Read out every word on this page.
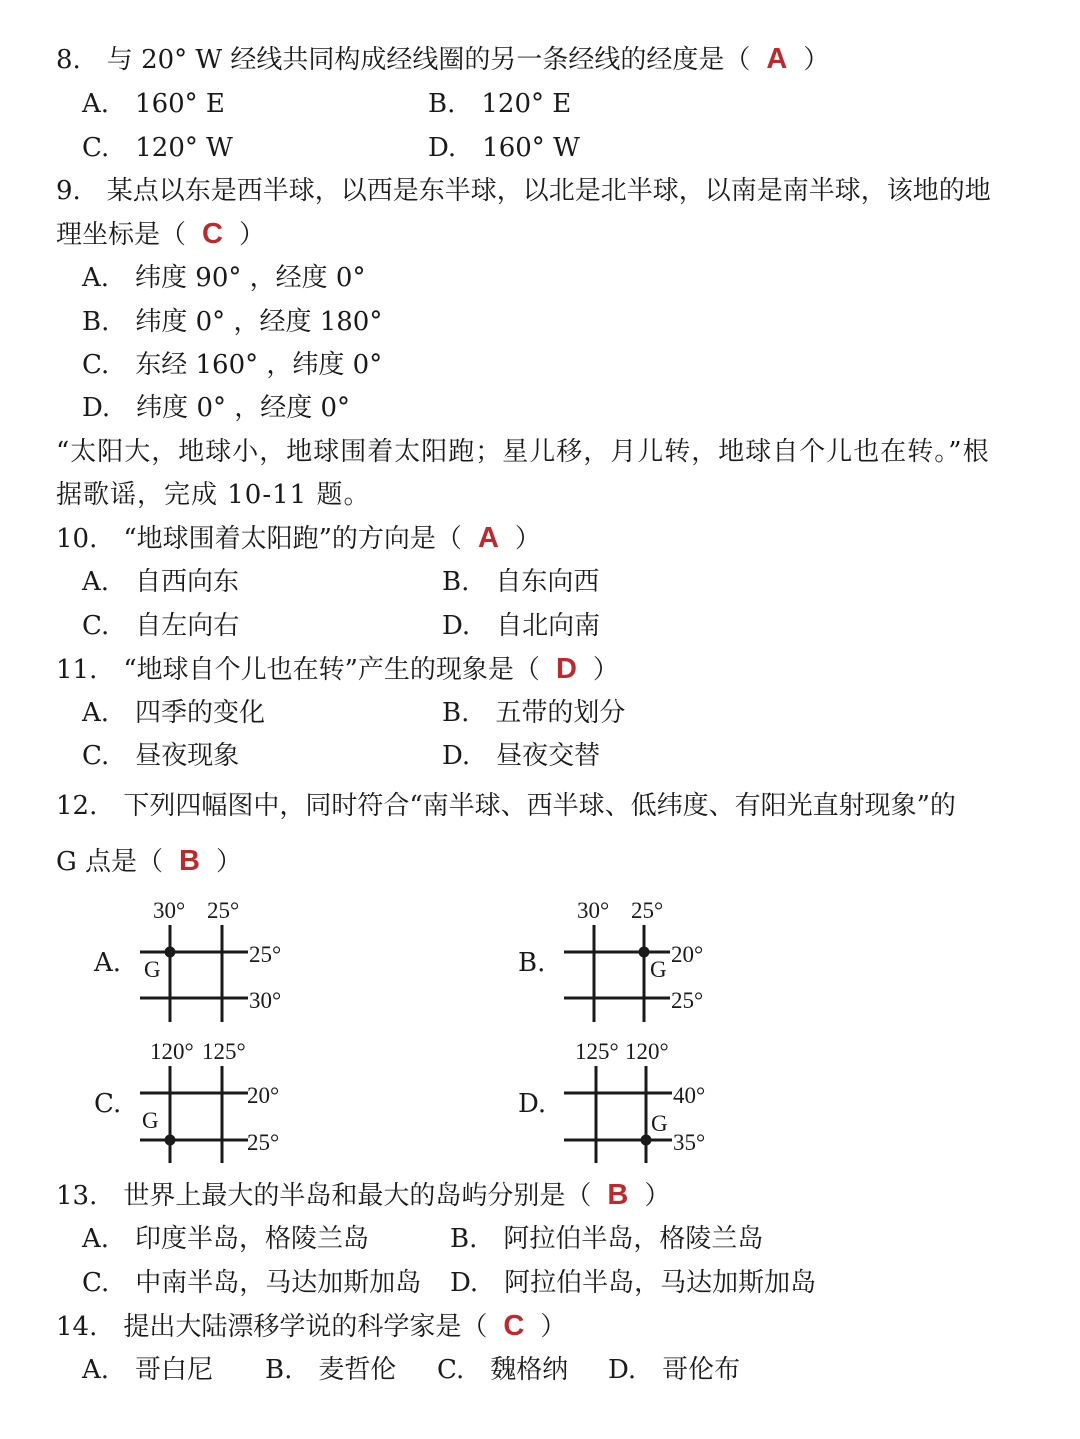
8.　与 20° W 经线共同构成经线圈的另一条经线的经度是（ A ）
A.　160° E	B.　120° E
C.　120° W	D.　160° W
9.　某点以东是西半球，以西是东半球，以北是北半球，以南是南半球，该地的地
理坐标是（ C ）
A.　纬度 90° ，经度 0°
B.　纬度 0° ，经度 180°
C.　东经 160° ，纬度 0°
D.　纬度 0° ，经度 0°
“太阳大，地球小，地球围着太阳跑；星儿移，月儿转，地球自个儿也在转。”根
据歌谣，完成 10-11 题。
10.　“地球围着太阳跑”的方向是（ A ）
A.　自西向东	B.　自东向西
C.　自左向右	D.　自北向南
11.　“地球自个儿也在转”产生的现象是（ D ）
A.　四季的变化	B.　五带的划分
C.　昼夜现象	D.　昼夜交替
12.　下列四幅图中，同时符合“南半球、西半球、低纬度、有阳光直射现象”的
G 点是（ B ）
A.
30° 25°
25°
30°
G	B.
30° 25°
20°
25°
G
C.
120° 125°
20°
25°
G
D.
125° 120°
40°
35°
G
13.　世界上最大的半岛和最大的岛屿分别是（ B ）
A.　印度半岛，格陵兰岛	B.　阿拉伯半岛，格陵兰岛
C.　中南半岛，马达加斯加岛 D.　阿拉伯半岛，马达加斯加岛
14.　提出大陆漂移学说的科学家是（ C ）
A.　哥白尼 B.　麦哲伦 C.　魏格纳 D.　哥伦布
